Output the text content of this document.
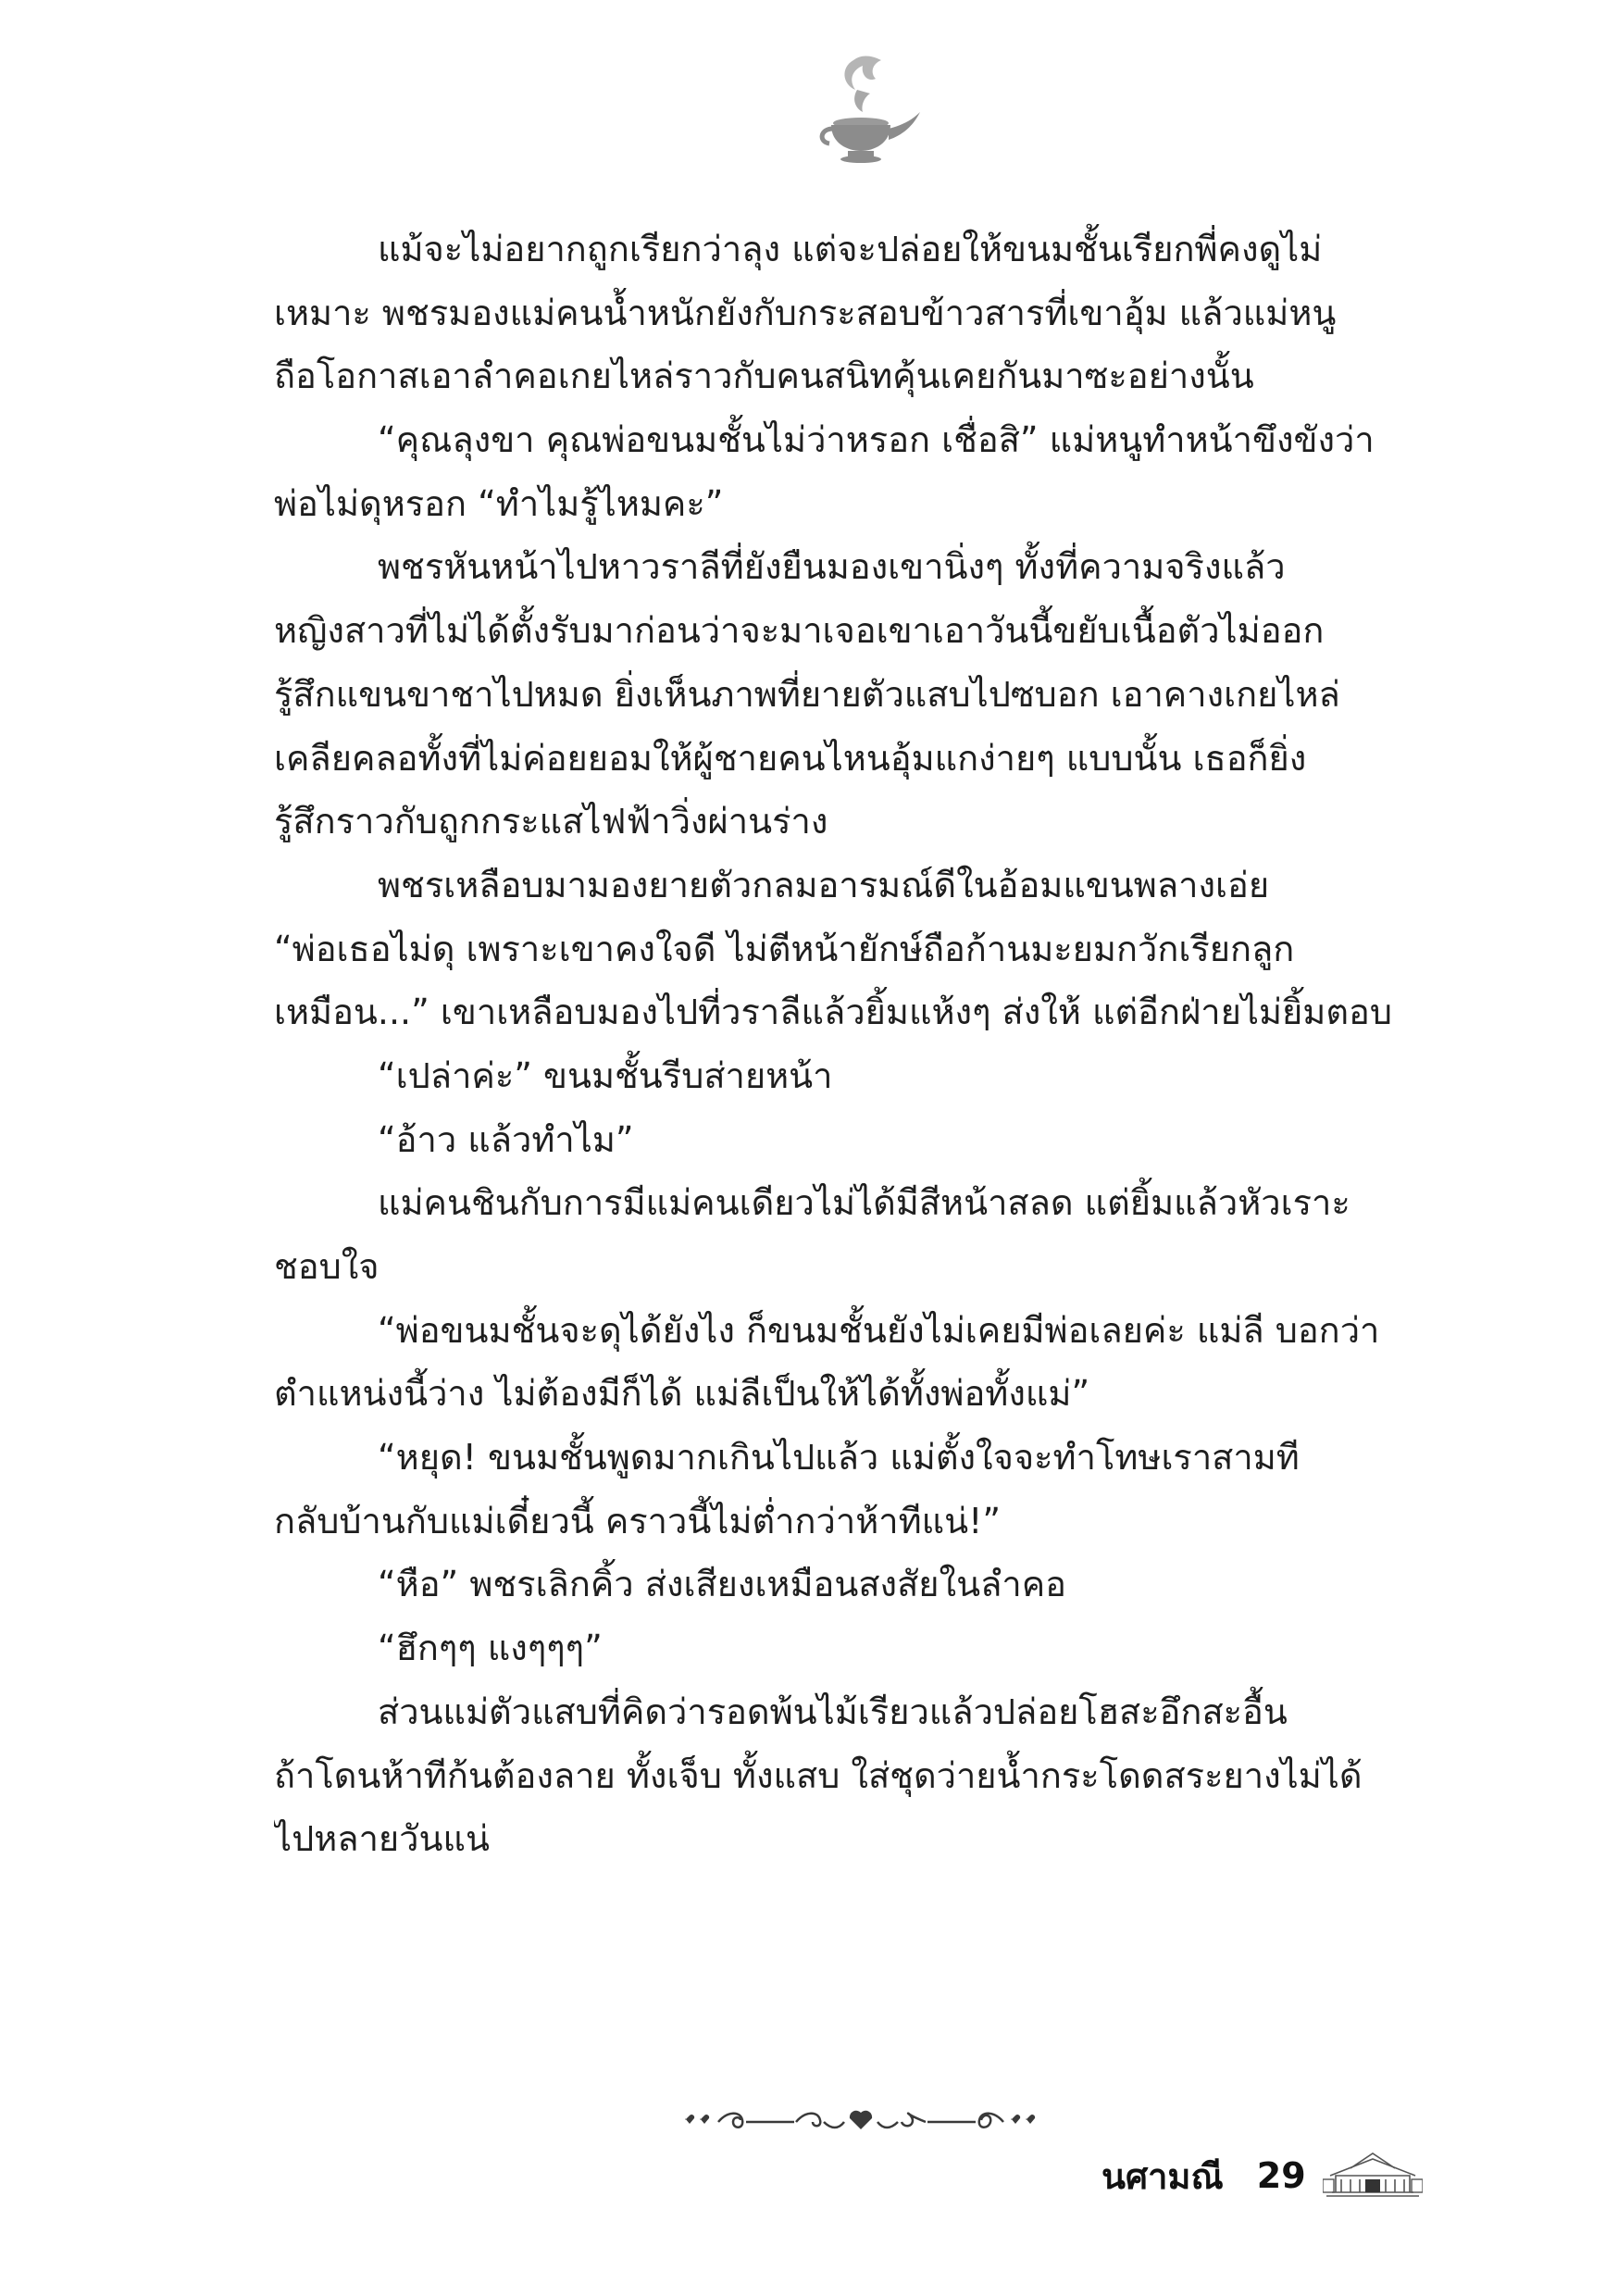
แม้จะไม่อยากถูกเรียกว่าลุง แต่จะปล่อยให้ขนมชั้นเรียกพี่คงดูไม่
เหมาะ พชรมองแม่คนน้ำหนักยังกับกระสอบข้าวสารที่เขาอุ้ม แล้วแม่หนู
ถือโอกาสเอาลำคอเกยไหล่ราวกับคนสนิทคุ้นเคยกันมาซะอย่างนั้น
“คุณลุงขา คุณพ่อขนมชั้นไม่ว่าหรอก เชื่อสิ” แม่หนูทำหน้าขึงขังว่า
พ่อไม่ดุหรอก “ทำไมรู้ไหมคะ”
พชรหันหน้าไปหาวราลีที่ยังยืนมองเขานิ่งๆ ทั้งที่ความจริงแล้ว
หญิงสาวที่ไม่ได้ตั้งรับมาก่อนว่าจะมาเจอเขาเอาวันนี้ขยับเนื้อตัวไม่ออก
รู้สึกแขนขาชาไปหมด ยิ่งเห็นภาพที่ยายตัวแสบไปซบอก เอาคางเกยไหล่
เคลียคลอทั้งที่ไม่ค่อยยอมให้ผู้ชายคนไหนอุ้มแกง่ายๆ แบบนั้น เธอก็ยิ่ง
รู้สึกราวกับถูกกระแสไฟฟ้าวิ่งผ่านร่าง
พชรเหลือบมามองยายตัวกลมอารมณ์ดีในอ้อมแขนพลางเอ่ย
“พ่อเธอไม่ดุ เพราะเขาคงใจดี ไม่ตีหน้ายักษ์ถือก้านมะยมกวักเรียกลูก
เหมือน...” เขาเหลือบมองไปที่วราลีแล้วยิ้มแห้งๆ ส่งให้ แต่อีกฝ่ายไม่ยิ้มตอบ
“เปล่าค่ะ” ขนมชั้นรีบส่ายหน้า
“อ้าว แล้วทำไม”
แม่คนชินกับการมีแม่คนเดียวไม่ได้มีสีหน้าสลด แต่ยิ้มแล้วหัวเราะ
ชอบใจ
“พ่อขนมชั้นจะดุได้ยังไง ก็ขนมชั้นยังไม่เคยมีพ่อเลยค่ะ แม่ลี บอกว่า
ตำแหน่งนี้ว่าง ไม่ต้องมีก็ได้ แม่ลีเป็นให้ได้ทั้งพ่อทั้งแม่”
“หยุด! ขนมชั้นพูดมากเกินไปแล้ว แม่ตั้งใจจะทำโทษเราสามที
กลับบ้านกับแม่เดี๋ยวนี้ คราวนี้ไม่ต่ำกว่าห้าทีแน่!”
“หือ” พชรเลิกคิ้ว ส่งเสียงเหมือนสงสัยในลำคอ
“ฮึกๆๆ แงๆๆๆ”
ส่วนแม่ตัวแสบที่คิดว่ารอดพ้นไม้เรียวแล้วปล่อยโฮสะอึกสะอื้น
ถ้าโดนห้าทีก้นต้องลาย ทั้งเจ็บ ทั้งแสบ ใส่ชุดว่ายน้ำกระโดดสระยางไม่ได้
ไปหลายวันแน่
นศามณี 29
